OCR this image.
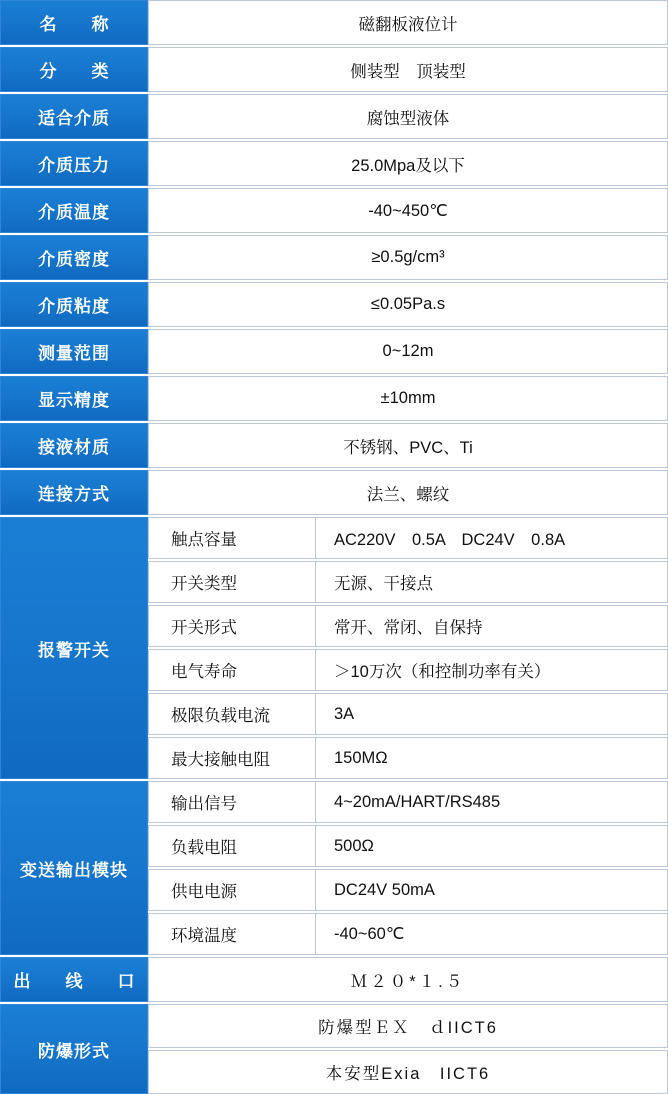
名　称	磁翻板液位计
分　类	侧装型　顶装型
适合介质	腐蚀型液体
介质压力	25.0Mpa及以下
介质温度	-40~450℃
介质密度	≥0.5g/cm³
介质粘度	≤0.05Pa.s
测量范围	0~12m
显示精度	±10mm
接液材质	不锈钢、PVC、Ti
连接方式	法兰、螺纹
报警开关
触点容量	AC220V　0.5A　DC24V　0.8A
开关类型	无源、干接点
开关形式	常开、常闭、自保持
电气寿命	＞10万次（和控制功率有关）
极限负载电流	3A
最大接触电阻	150MΩ
变送输出模块
输出信号	4~20mA/HART/RS485
负载电阻	500Ω
供电电源	DC24V 50mA
环境温度	-40~60℃
出　线　口	Ｍ２０*１.５
防爆形式
防爆型ＥＸ　ｄIICT6
本安型Exia　IICT6
